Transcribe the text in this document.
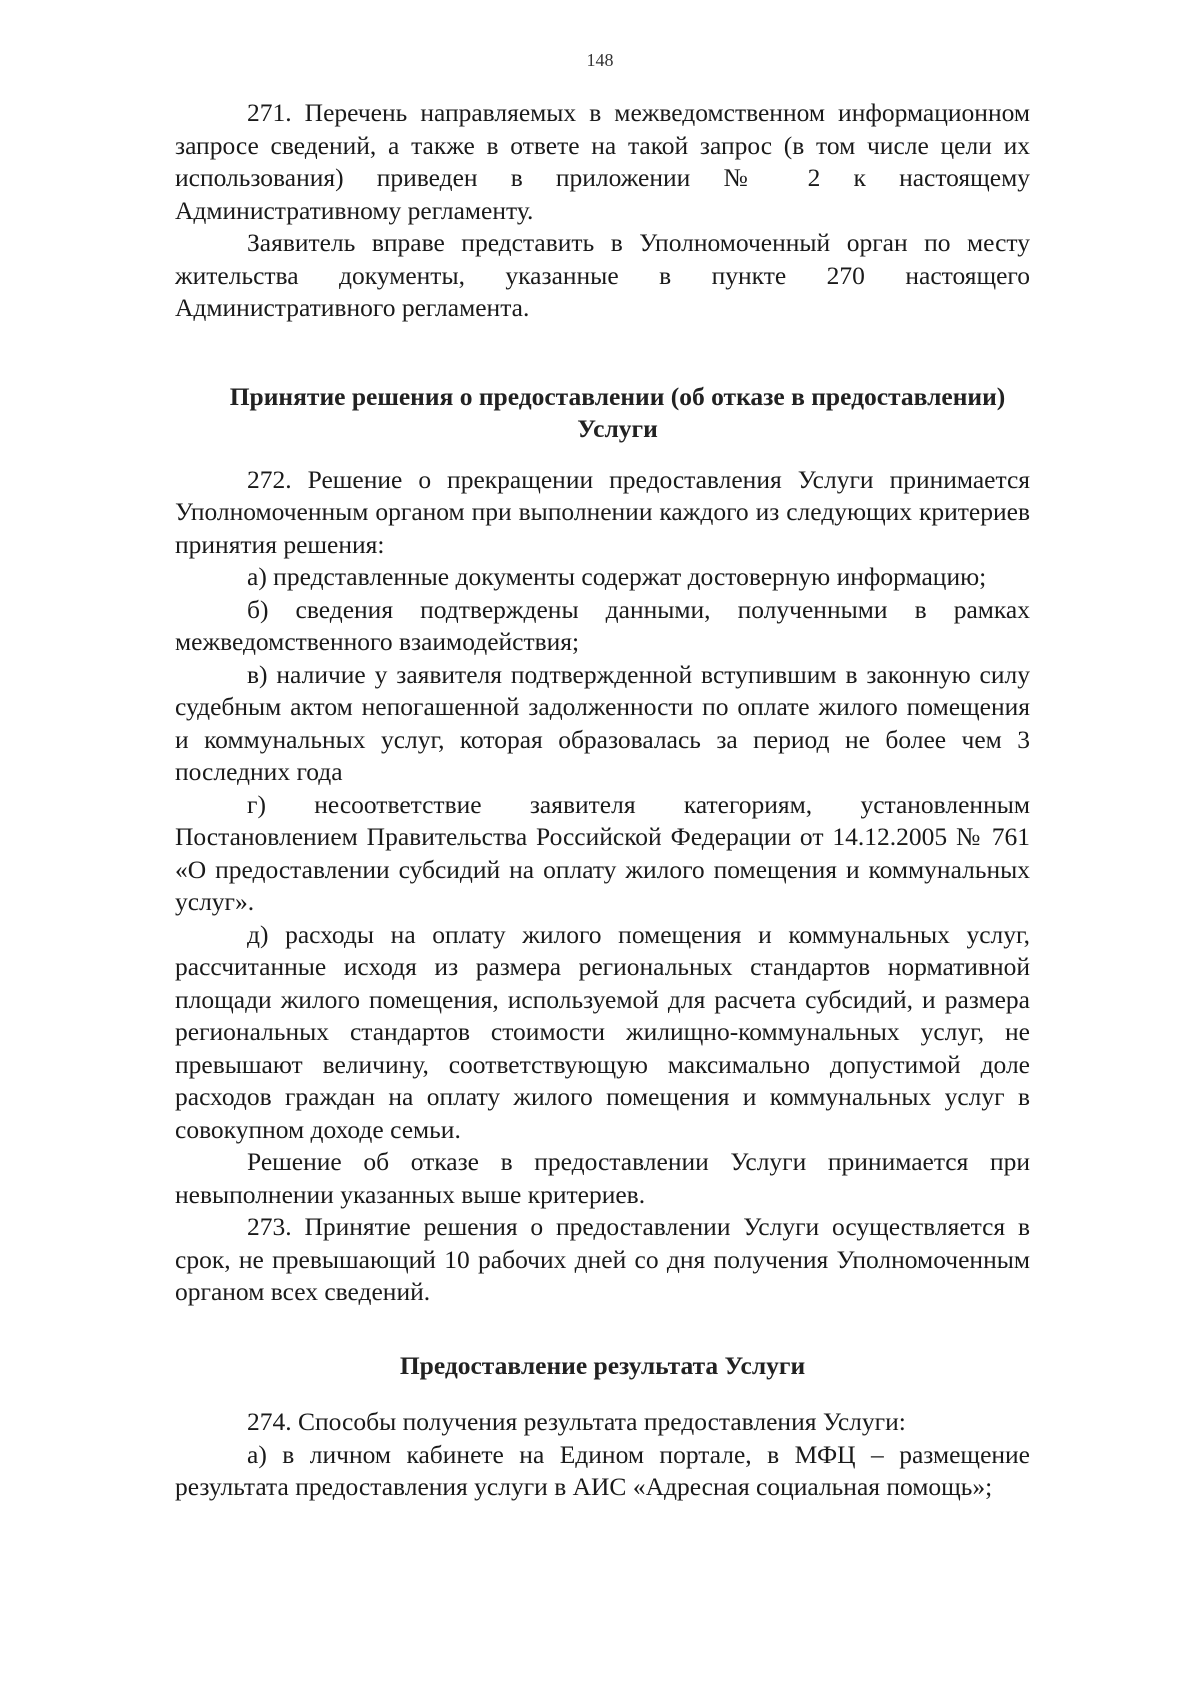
148

271. Перечень направляемых в межведомственном информационном запросе сведений, а также в ответе на такой запрос (в том числе цели их использования) приведен в приложении № 2 к настоящему Административному регламенту.

Заявитель вправе представить в Уполномоченный орган по месту жительства документы, указанные в пункте 270 настоящего Административного регламента.

Принятие решения о предоставлении (об отказе в предоставлении) Услуги

272. Решение о прекращении предоставления Услуги принимается Уполномоченным органом при выполнении каждого из следующих критериев принятия решения:

а) представленные документы содержат достоверную информацию;

б) сведения подтверждены данными, полученными в рамках межведомственного взаимодействия;

в) наличие у заявителя подтвержденной вступившим в законную силу судебным актом непогашенной задолженности по оплате жилого помещения и коммунальных услуг, которая образовалась за период не более чем 3 последних года

г) несоответствие заявителя категориям, установленным Постановлением Правительства Российской Федерации от 14.12.2005 № 761 «О предоставлении субсидий на оплату жилого помещения и коммунальных услуг».

д) расходы на оплату жилого помещения и коммунальных услуг, рассчитанные исходя из размера региональных стандартов нормативной площади жилого помещения, используемой для расчета субсидий, и размера региональных стандартов стоимости жилищно-коммунальных услуг, не превышают величину, соответствующую максимально допустимой доле расходов граждан на оплату жилого помещения и коммунальных услуг в совокупном доходе семьи.

Решение об отказе в предоставлении Услуги принимается при невыполнении указанных выше критериев.

273. Принятие решения о предоставлении Услуги осуществляется в срок, не превышающий 10 рабочих дней со дня получения Уполномоченным органом всех сведений.

Предоставление результата Услуги

274. Способы получения результата предоставления Услуги:

а) в личном кабинете на Едином портале, в МФЦ – размещение результата предоставления услуги в АИС «Адресная социальная помощь»;
